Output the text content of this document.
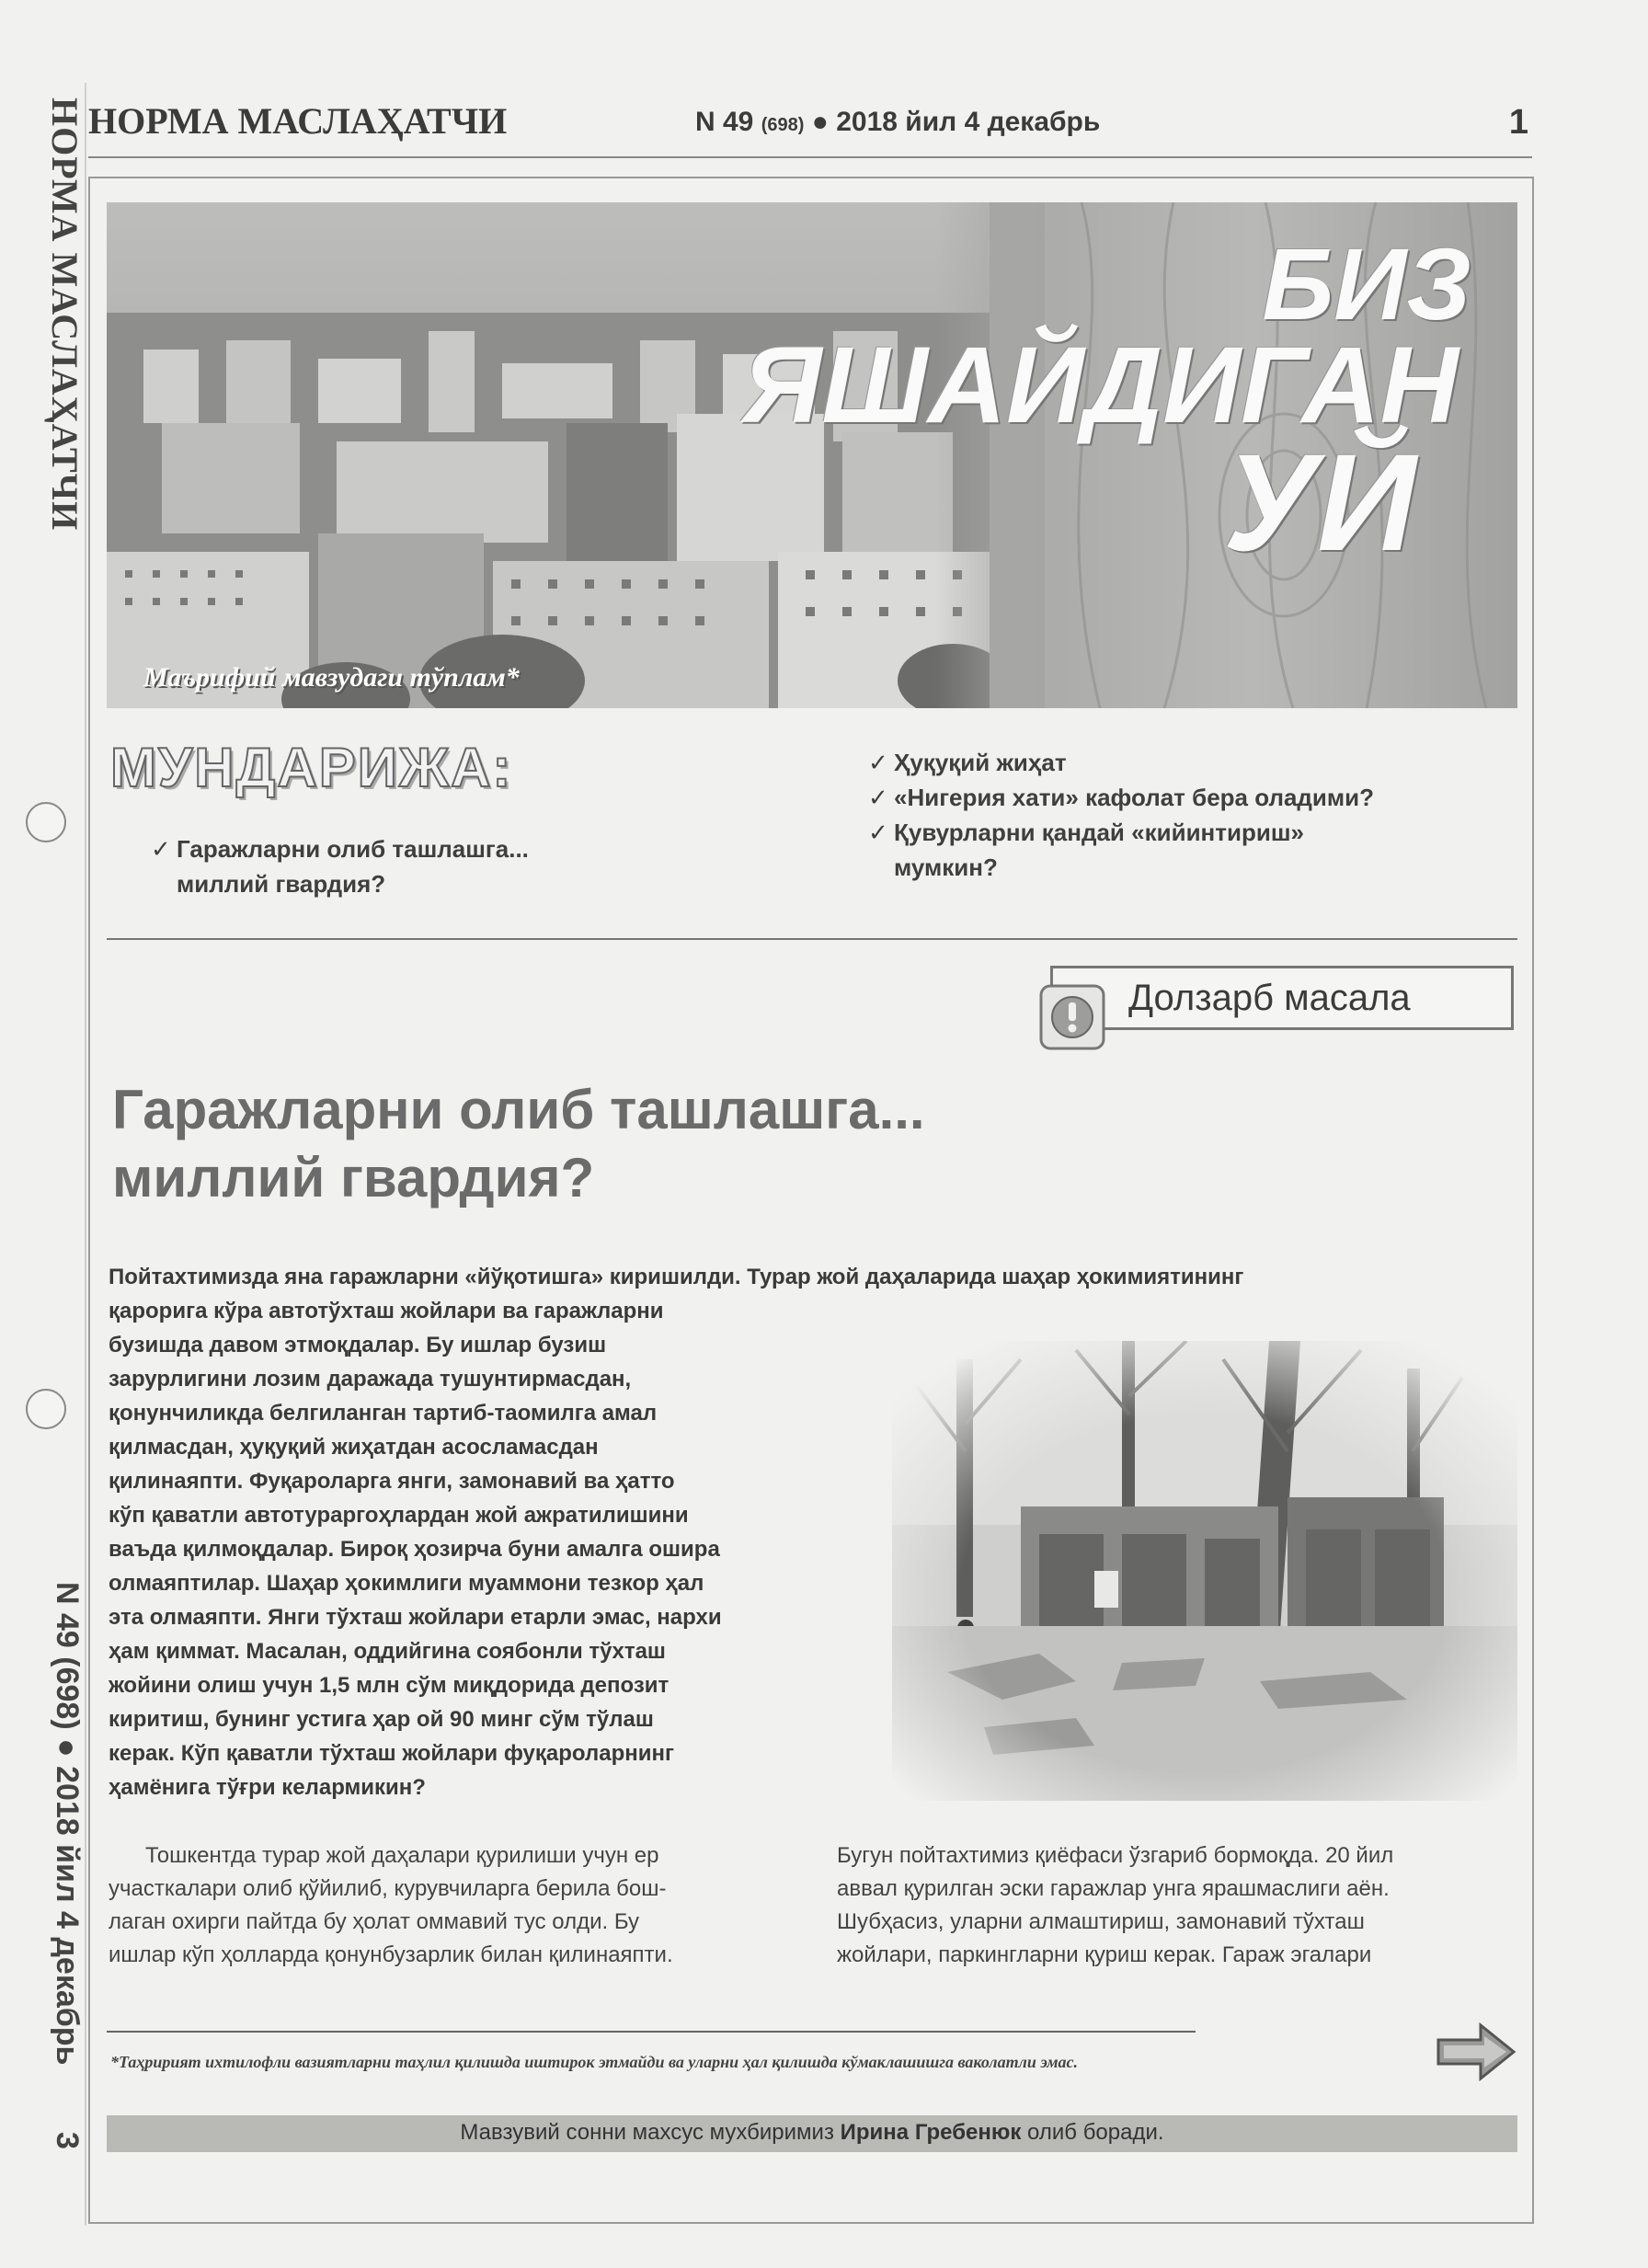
НОРМА МАСЛАҲАТЧИ
N 49 (698) ● 2018 йил 4 декабрь
3
НОРМА МАСЛАҲАТЧИ	N 49 (698) ● 2018 йил 4 декабрь	1
БИЗ
ЯШАЙДИГАН
УЙ
Маърифий мавзудаги тўплам*
МУНДАРИЖА:
✓ Гаражларни олиб ташлашга...
миллий гвардия?
✓ Ҳуқуқий жиҳат
✓ «Нигерия хати» кафолат бера оладими?
✓ Қувурларни қандай «кийинтириш»
мумкин?
Долзарб масала
Гаражларни олиб ташлашга...
миллий гвардия?
Пойтахтимизда яна гаражларни «йўқотишга» киришилди. Турар жой даҳаларида шаҳар ҳокимиятининг
қарорига кўра автотўхташ жойлари ва гаражларни
бузишда давом этмоқдалар. Бу ишлар бузиш
зарурлигини лозим даражада тушунтирмасдан,
қонунчиликда белгиланган тартиб-таомилга амал
қилмасдан, ҳуқуқий жиҳатдан асосламасдан
қилинаяпти. Фуқароларга янги, замонавий ва ҳатто
кўп қаватли автотураргоҳлардан жой ажратилишини
ваъда қилмоқдалар. Бироқ ҳозирча буни амалга ошира
олмаяптилар. Шаҳар ҳокимлиги муаммони тезкор ҳал
эта олмаяпти. Янги тўхташ жойлари етарли эмас, нархи
ҳам қиммат. Масалан, оддийгина соябонли тўхташ
жойини олиш учун 1,5 млн сўм миқдорида депозит
киритиш, бунинг устига ҳар ой 90 минг сўм тўлаш
керак. Кўп қаватли тўхташ жойлари фуқароларнинг
ҳамёнига тўғри келармикин?
Тошкентда турар жой даҳалари қурилиши учун ер
участкалари олиб қўйилиб, курувчиларга берила бош-
лаган охирги пайтда бу ҳолат оммавий тус олди. Бу
ишлар кўп ҳолларда қонунбузарлик билан қилинаяпти.
Бугун пойтахтимиз қиёфаси ўзгариб бормоқда. 20 йил
аввал қурилган эски гаражлар унга ярашмаслиги аён.
Шубҳасиз, уларни алмаштириш, замонавий тўхташ
жойлари, паркингларни қуриш керак. Гараж эгалари
*Таҳририят ихтилофли вазиятларни таҳлил қилишда иштирок этмайди ва уларни ҳал қилишда кўмаклашишга ваколатли эмас.
Мавзувий сонни махсус мухбиримиз Ирина Гребенюк олиб боради.
